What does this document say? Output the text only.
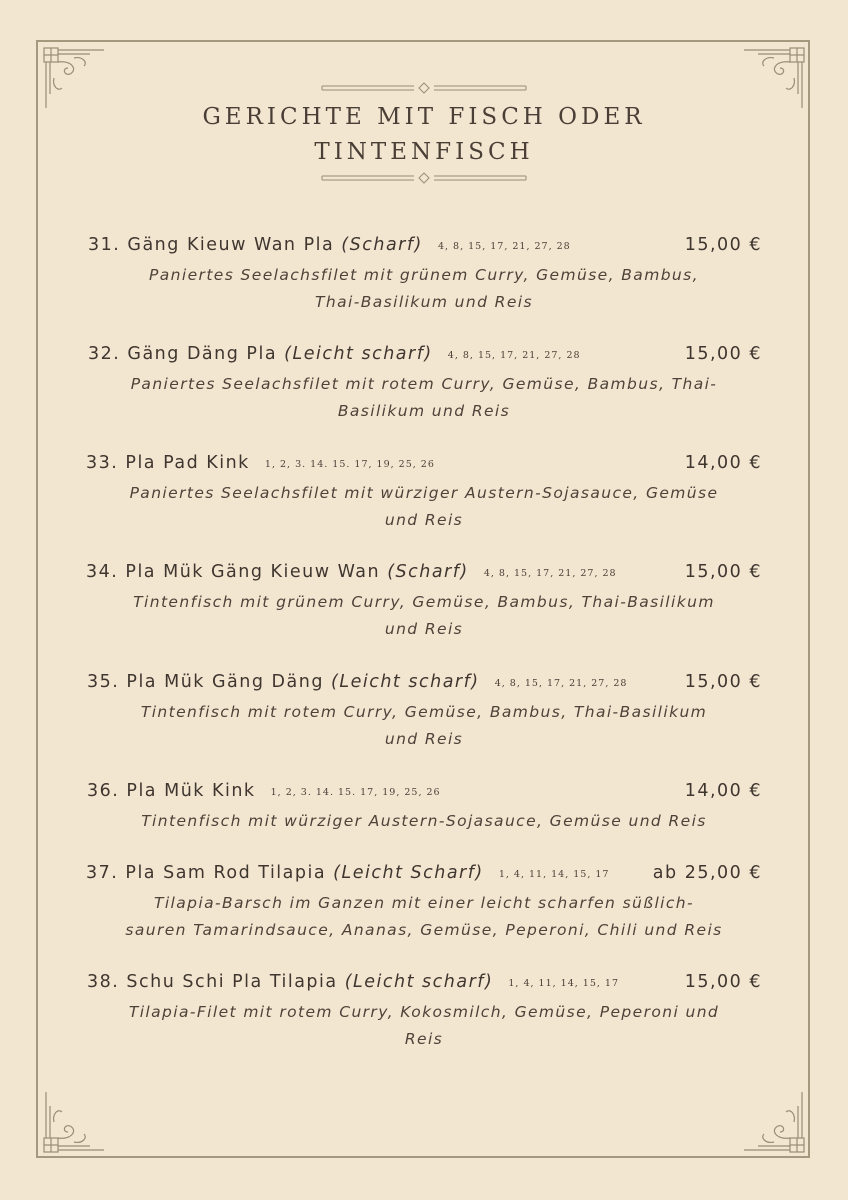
GERICHTE MIT FISCH ODER
TINTENFISCH
31. Gäng Kieuw Wan Pla (Scharf) 4, 8, 15, 17, 21, 27, 28	15,00 €
Paniertes Seelachsfilet mit grünem Curry, Gemüse, Bambus,
Thai-Basilikum und Reis
32. Gäng Däng Pla (Leicht scharf) 4, 8, 15, 17, 21, 27, 28	15,00 €
Paniertes Seelachsfilet mit rotem Curry, Gemüse, Bambus, Thai-
Basilikum und Reis
33. Pla Pad Kink 1, 2, 3. 14. 15. 17, 19, 25, 26	14,00 €
Paniertes Seelachsfilet mit würziger Austern-Sojasauce, Gemüse
und Reis
34. Pla Mük Gäng Kieuw Wan (Scharf) 4, 8, 15, 17, 21, 27, 28	15,00 €
Tintenfisch mit grünem Curry, Gemüse, Bambus, Thai-Basilikum
und Reis
35. Pla Mük Gäng Däng (Leicht scharf) 4, 8, 15, 17, 21, 27, 28	15,00 €
Tintenfisch mit rotem Curry, Gemüse, Bambus, Thai-Basilikum
und Reis
36. Pla Mük Kink 1, 2, 3. 14. 15. 17, 19, 25, 26	14,00 €
Tintenfisch mit würziger Austern-Sojasauce, Gemüse und Reis
37. Pla Sam Rod Tilapia (Leicht Scharf) 1, 4, 11, 14, 15, 17 ab 25,00 €
Tilapia-Barsch im Ganzen mit einer leicht scharfen süßlich-
sauren Tamarindsauce, Ananas, Gemüse, Peperoni, Chili und Reis
38. Schu Schi Pla Tilapia (Leicht scharf) 1, 4, 11, 14, 15, 17	15,00 €
Tilapia-Filet mit rotem Curry, Kokosmilch, Gemüse, Peperoni und
Reis
